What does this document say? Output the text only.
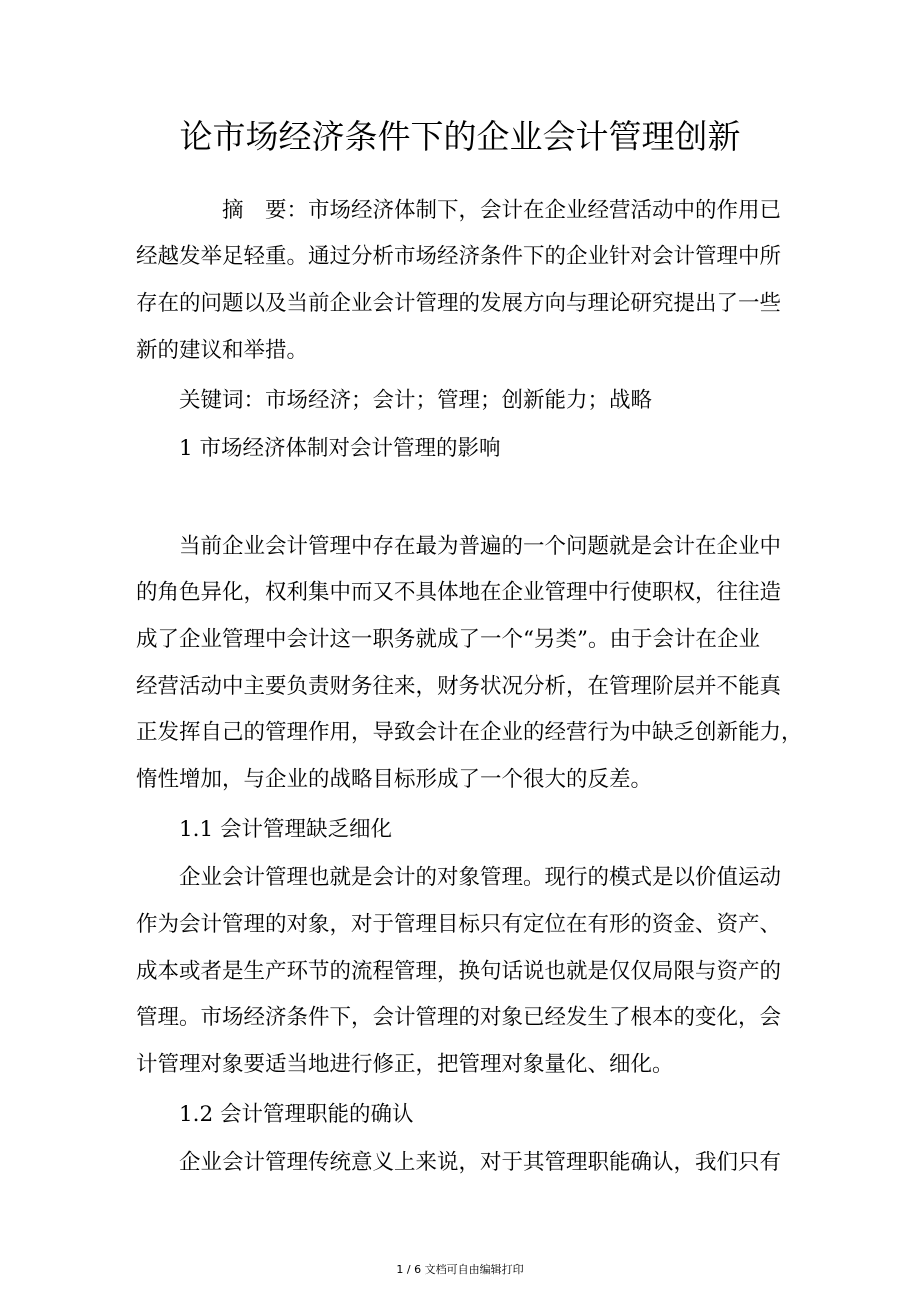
论市场经济条件下的企业会计管理创新
摘　要：市场经济体制下，会计在企业经营活动中的作用已
经越发举足轻重。通过分析市场经济条件下的企业针对会计管理中所
存在的问题以及当前企业会计管理的发展方向与理论研究提出了一些
新的建议和举措。
关键词：市场经济；会计；管理；创新能力；战略
1 市场经济体制对会计管理的影响
当前企业会计管理中存在最为普遍的一个问题就是会计在企业中
的角色异化，权利集中而又不具体地在企业管理中行使职权，往往造
成了企业管理中会计这一职务就成了一个“另类”。由于会计在企业
经营活动中主要负责财务往来，财务状况分析，在管理阶层并不能真
正发挥自己的管理作用，导致会计在企业的经营行为中缺乏创新能力，
惰性增加，与企业的战略目标形成了一个很大的反差。
1.1 会计管理缺乏细化
企业会计管理也就是会计的对象管理。现行的模式是以价值运动
作为会计管理的对象，对于管理目标只有定位在有形的资金、资产、
成本或者是生产环节的流程管理，换句话说也就是仅仅局限与资产的
管理。市场经济条件下，会计管理的对象已经发生了根本的变化，会
计管理对象要适当地进行修正，把管理对象量化、细化。
1.2 会计管理职能的确认
企业会计管理传统意义上来说，对于其管理职能确认，我们只有
1 / 6 文档可自由编辑打印
